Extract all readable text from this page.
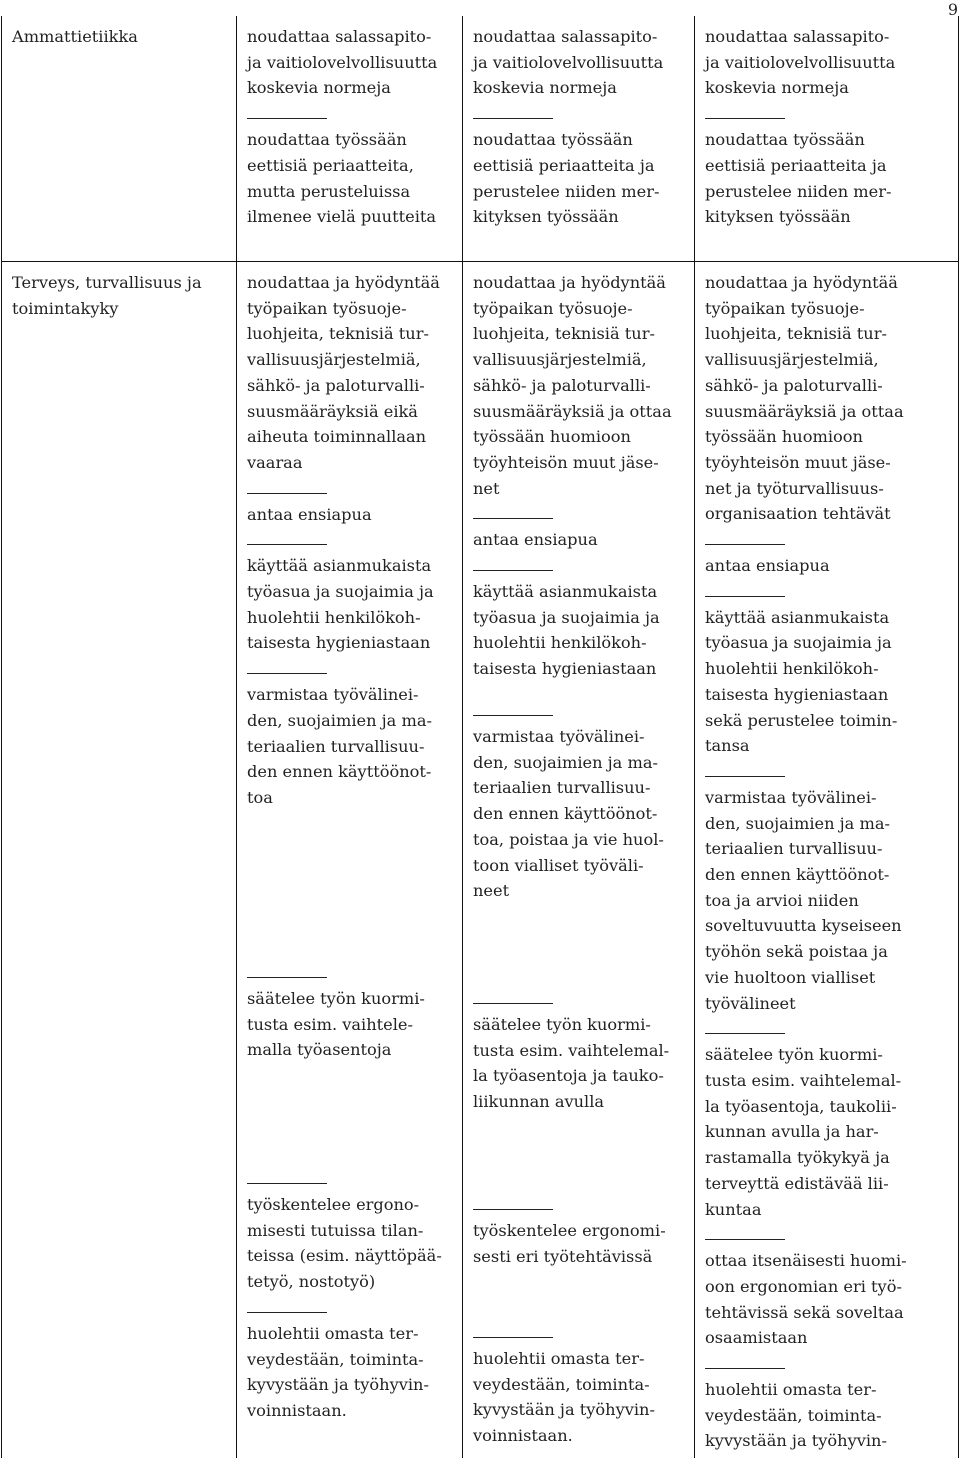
9
Ammattietiikka	noudattaa salassapito-
ja vaitiolovelvollisuutta
koskevia normeja
noudattaa työssään
eettisiä periaatteita,
mutta perusteluissa
ilmenee vielä puutteita
noudattaa salassapito-
ja vaitiolovelvollisuutta
koskevia normeja
noudattaa työssään
eettisiä periaatteita ja
perustelee niiden mer-
kityksen työssään
noudattaa salassapito-
ja vaitiolovelvollisuutta
koskevia normeja
noudattaa työssään
eettisiä periaatteita ja
perustelee niiden mer-
kityksen työssään
Terveys, turvallisuus ja
toimintakyky
noudattaa ja hyödyntää
työpaikan työsuoje-
luohjeita, teknisiä tur-
vallisuusjärjestelmiä,
sähkö- ja paloturvalli-
suusmääräyksiä eikä
aiheuta toiminnallaan
vaaraa
antaa ensiapua
käyttää asianmukaista
työasua ja suojaimia ja
huolehtii henkilökoh-
taisesta hygieniastaan
varmistaa työvälinei-
den, suojaimien ja ma-
teriaalien turvallisuu-
den ennen käyttöönot-
toa
säätelee työn kuormi-
tusta esim. vaihtele-
malla työasentoja
työskentelee ergono-
misesti tutuissa tilan-
teissa (esim. näyttöpää-
tetyö, nostotyö)
huolehtii omasta ter-
veydestään, toiminta-
kyvystään ja työhyvin-
voinnistaan.
noudattaa ja hyödyntää
työpaikan työsuoje-
luohjeita, teknisiä tur-
vallisuusjärjestelmiä,
sähkö- ja paloturvalli-
suusmääräyksiä ja ottaa
työssään huomioon
työyhteisön muut jäse-
net
antaa ensiapua
käyttää asianmukaista
työasua ja suojaimia ja
huolehtii henkilökoh-
taisesta hygieniastaan
varmistaa työvälinei-
den, suojaimien ja ma-
teriaalien turvallisuu-
den ennen käyttöönot-
toa, poistaa ja vie huol-
toon vialliset työväli-
neet
säätelee työn kuormi-
tusta esim. vaihtelemal-
la työasentoja ja tauko-
liikunnan avulla
työskentelee ergonomi-
sesti eri työtehtävissä
huolehtii omasta ter-
veydestään, toiminta-
kyvystään ja työhyvin-
voinnistaan.
noudattaa ja hyödyntää
työpaikan työsuoje-
luohjeita, teknisiä tur-
vallisuusjärjestelmiä,
sähkö- ja paloturvalli-
suusmääräyksiä ja ottaa
työssään huomioon
työyhteisön muut jäse-
net ja työturvallisuus-
organisaation tehtävät
antaa ensiapua
käyttää asianmukaista
työasua ja suojaimia ja
huolehtii henkilökoh-
taisesta hygieniastaan
sekä perustelee toimin-
tansa
varmistaa työvälinei-
den, suojaimien ja ma-
teriaalien turvallisuu-
den ennen käyttöönot-
toa ja arvioi niiden
soveltuvuutta kyseiseen
työhön sekä poistaa ja
vie huoltoon vialliset
työvälineet
säätelee työn kuormi-
tusta esim. vaihtelemal-
la työasentoja, taukolii-
kunnan avulla ja har-
rastamalla työkykyä ja
terveyttä edistävää lii-
kuntaa
ottaa itsenäisesti huomi-
oon ergonomian eri työ-
tehtävissä sekä soveltaa
osaamistaan
huolehtii omasta ter-
veydestään, toiminta-
kyvystään ja työhyvin-
